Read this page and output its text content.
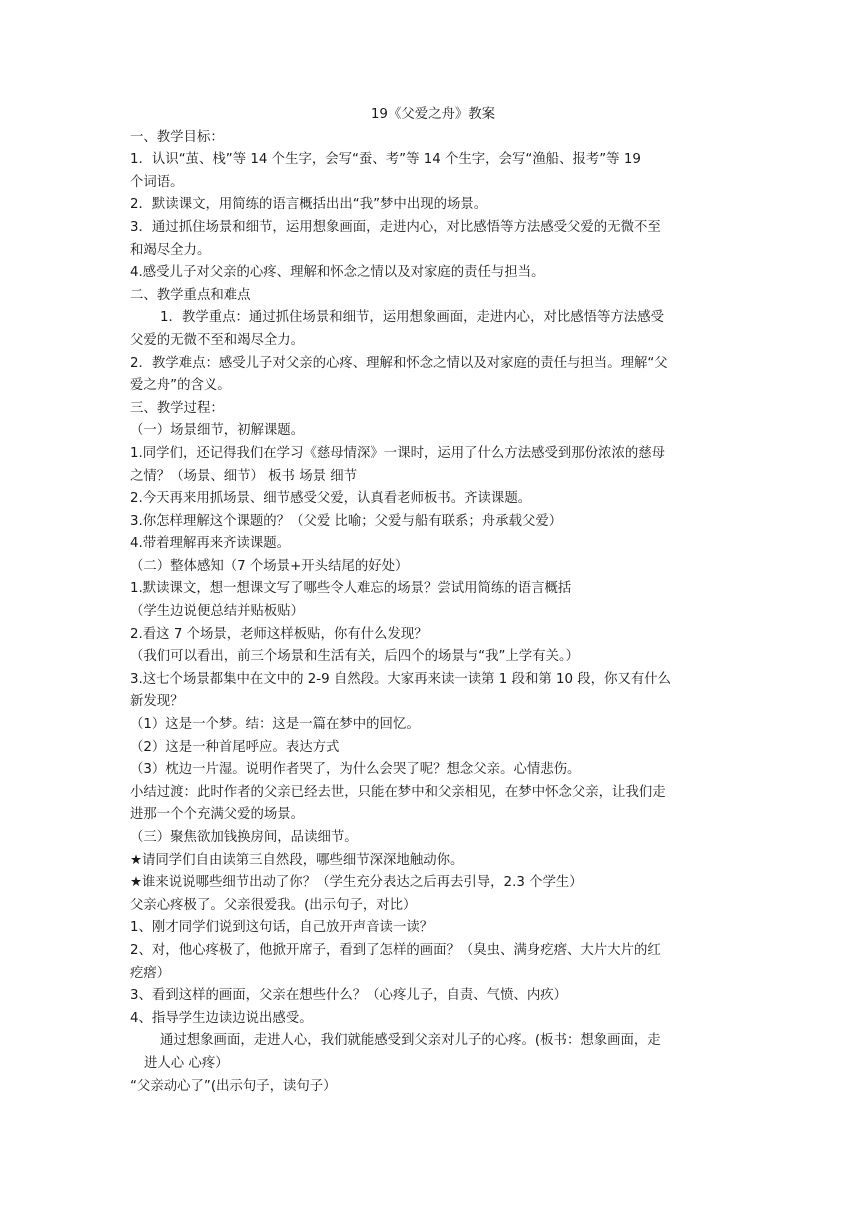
19《父爱之舟》教案
一、教学目标：
1．认识“茧、栈”等 14 个生字，会写“蚕、考”等 14 个生字，会写“渔船、报考”等 19
个词语。
2．默读课文，用简练的语言概括出出“我”梦中出现的场景。
3．通过抓住场景和细节，运用想象画面，走进内心，对比感悟等方法感受父爱的无微不至
和竭尽全力。
4.感受儿子对父亲的心疼、理解和怀念之情以及对家庭的责任与担当。
二、教学重点和难点
1．教学重点：通过抓住场景和细节，运用想象画面，走进内心，对比感悟等方法感受
父爱的无微不至和竭尽全力。
2．教学难点：感受儿子对父亲的心疼、理解和怀念之情以及对家庭的责任与担当。理解“父
爱之舟”的含义。
三、教学过程：
（一）场景细节，初解课题。
1.同学们，还记得我们在学习《慈母情深》一课时，运用了什么方法感受到那份浓浓的慈母
之情？（场景、细节） 板书 场景 细节
2.今天再来用抓场景、细节感受父爱，认真看老师板书。齐读课题。
3.你怎样理解这个课题的？（父爱 比喻；父爱与船有联系；舟承载父爱）
4.带着理解再来齐读课题。
（二）整体感知（7 个场景+开头结尾的好处）
1.默读课文，想一想课文写了哪些令人难忘的场景？尝试用简练的语言概括
（学生边说便总结并贴板贴）
2.看这 7 个场景，老师这样板贴，你有什么发现？
（我们可以看出，前三个场景和生活有关，后四个的场景与“我”上学有关。）
3.这七个场景都集中在文中的 2-9 自然段。大家再来读一读第 1 段和第 10 段，你又有什么
新发现？
（1）这是一个梦。结：这是一篇在梦中的回忆。
（2）这是一种首尾呼应。表达方式
（3）枕边一片湿。说明作者哭了，为什么会哭了呢？想念父亲。心情悲伤。
小结过渡：此时作者的父亲已经去世，只能在梦中和父亲相见，在梦中怀念父亲，让我们走
进那一个个充满父爱的场景。
（三）聚焦欲加钱换房间，品读细节。
★请同学们自由读第三自然段，哪些细节深深地触动你。
★谁来说说哪些细节出动了你？（学生充分表达之后再去引导，2.3 个学生）
父亲心疼极了。父亲很爱我。(出示句子，对比）
1、刚才同学们说到这句话，自己放开声音读一读？
2、对，他心疼极了，他掀开席子，看到了怎样的画面？（臭虫、满身疙瘩、大片大片的红
疙瘩）
3、看到这样的画面，父亲在想些什么？（心疼儿子，自责、气愤、内疚）
4、指导学生边读边说出感受。
通过想象画面，走进人心，我们就能感受到父亲对儿子的心疼。(板书：想象画面，走
进人心 心疼）
“父亲动心了”(出示句子，读句子）
